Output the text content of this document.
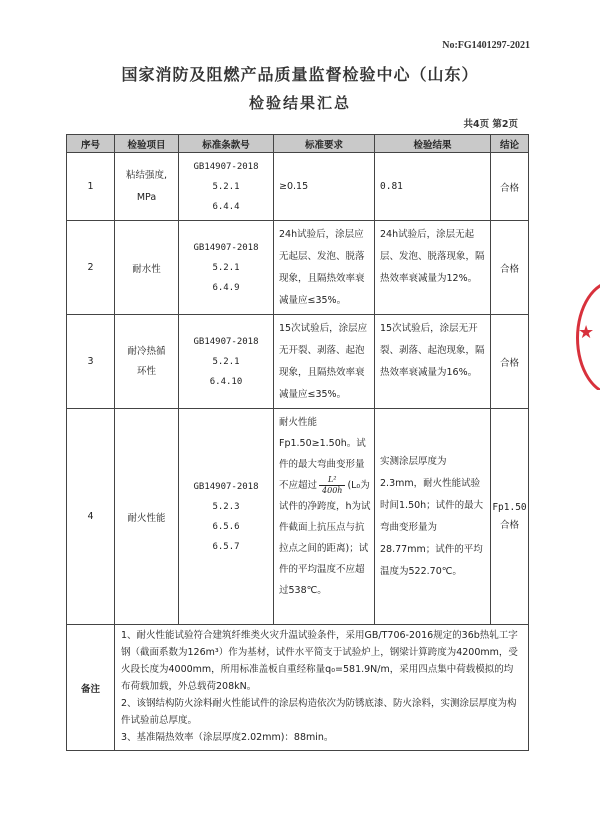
No:FG1401297-2021
国家消防及阻燃产品质量监督检验中心（山东）
检验结果汇总
共4页 第2页
序号	检验项目	标准条款号	标准要求	检验结果	结论
1	粘结强度,
MPa	GB14907-2018
5.2.1
6.4.4	≥0.15	0.81	合格
2	耐水性	GB14907-2018
5.2.1
6.4.9	24h试验后，涂层应无起层、发泡、脱落现象，且隔热效率衰减量应≤35%。	24h试验后，涂层无起层、发泡、脱落现象，隔热效率衰减量为12%。	合格
3	耐冷热循
环性	GB14907-2018
5.2.1
6.4.10	15次试验后，涂层应无开裂、剥落、起泡现象，且隔热效率衰减量应≤35%。	15次试验后，涂层无开裂、剥落、起泡现象，隔热效率衰减量为16%。	合格
4	耐火性能	GB14907-2018
5.2.3
6.5.6
6.5.7	耐火性能 Fp1.50≥1.50h。试件的最大弯曲变形量不应超过 $\frac{\text{L²}}{400h} (L_0$为试件的净跨度，h为试件截面上抗压点与抗拉点之间的距离)；试件的平均温度不应超过538℃。	实测涂层厚度为2.3mm，耐火性能试验时间1.50h；试件的最大弯曲变形量为28.77mm；试件的平均温度为522.70℃。	Fp1.50
合格
备注	1、耐火性能试验符合建筑纤维类火灾升温试验条件，采用GB/T706-2016规定的36b热轧工字钢（截面系数为126m³）作为基材，试件水平简支于试验炉上，钢梁计算跨度为4200mm，受火段长度为4000mm，所用标准盖板自重经称量q₀=581.9N/m，采用四点集中荷载模拟的均布荷载加载，外总载荷208kN。
2、该钢结构防火涂料耐火性能试件的涂层构造依次为防锈底漆、防火涂料，实测涂层厚度为构件试验前总厚度。
3、基准隔热效率（涂层厚度2.02mm)：88min。				
★
